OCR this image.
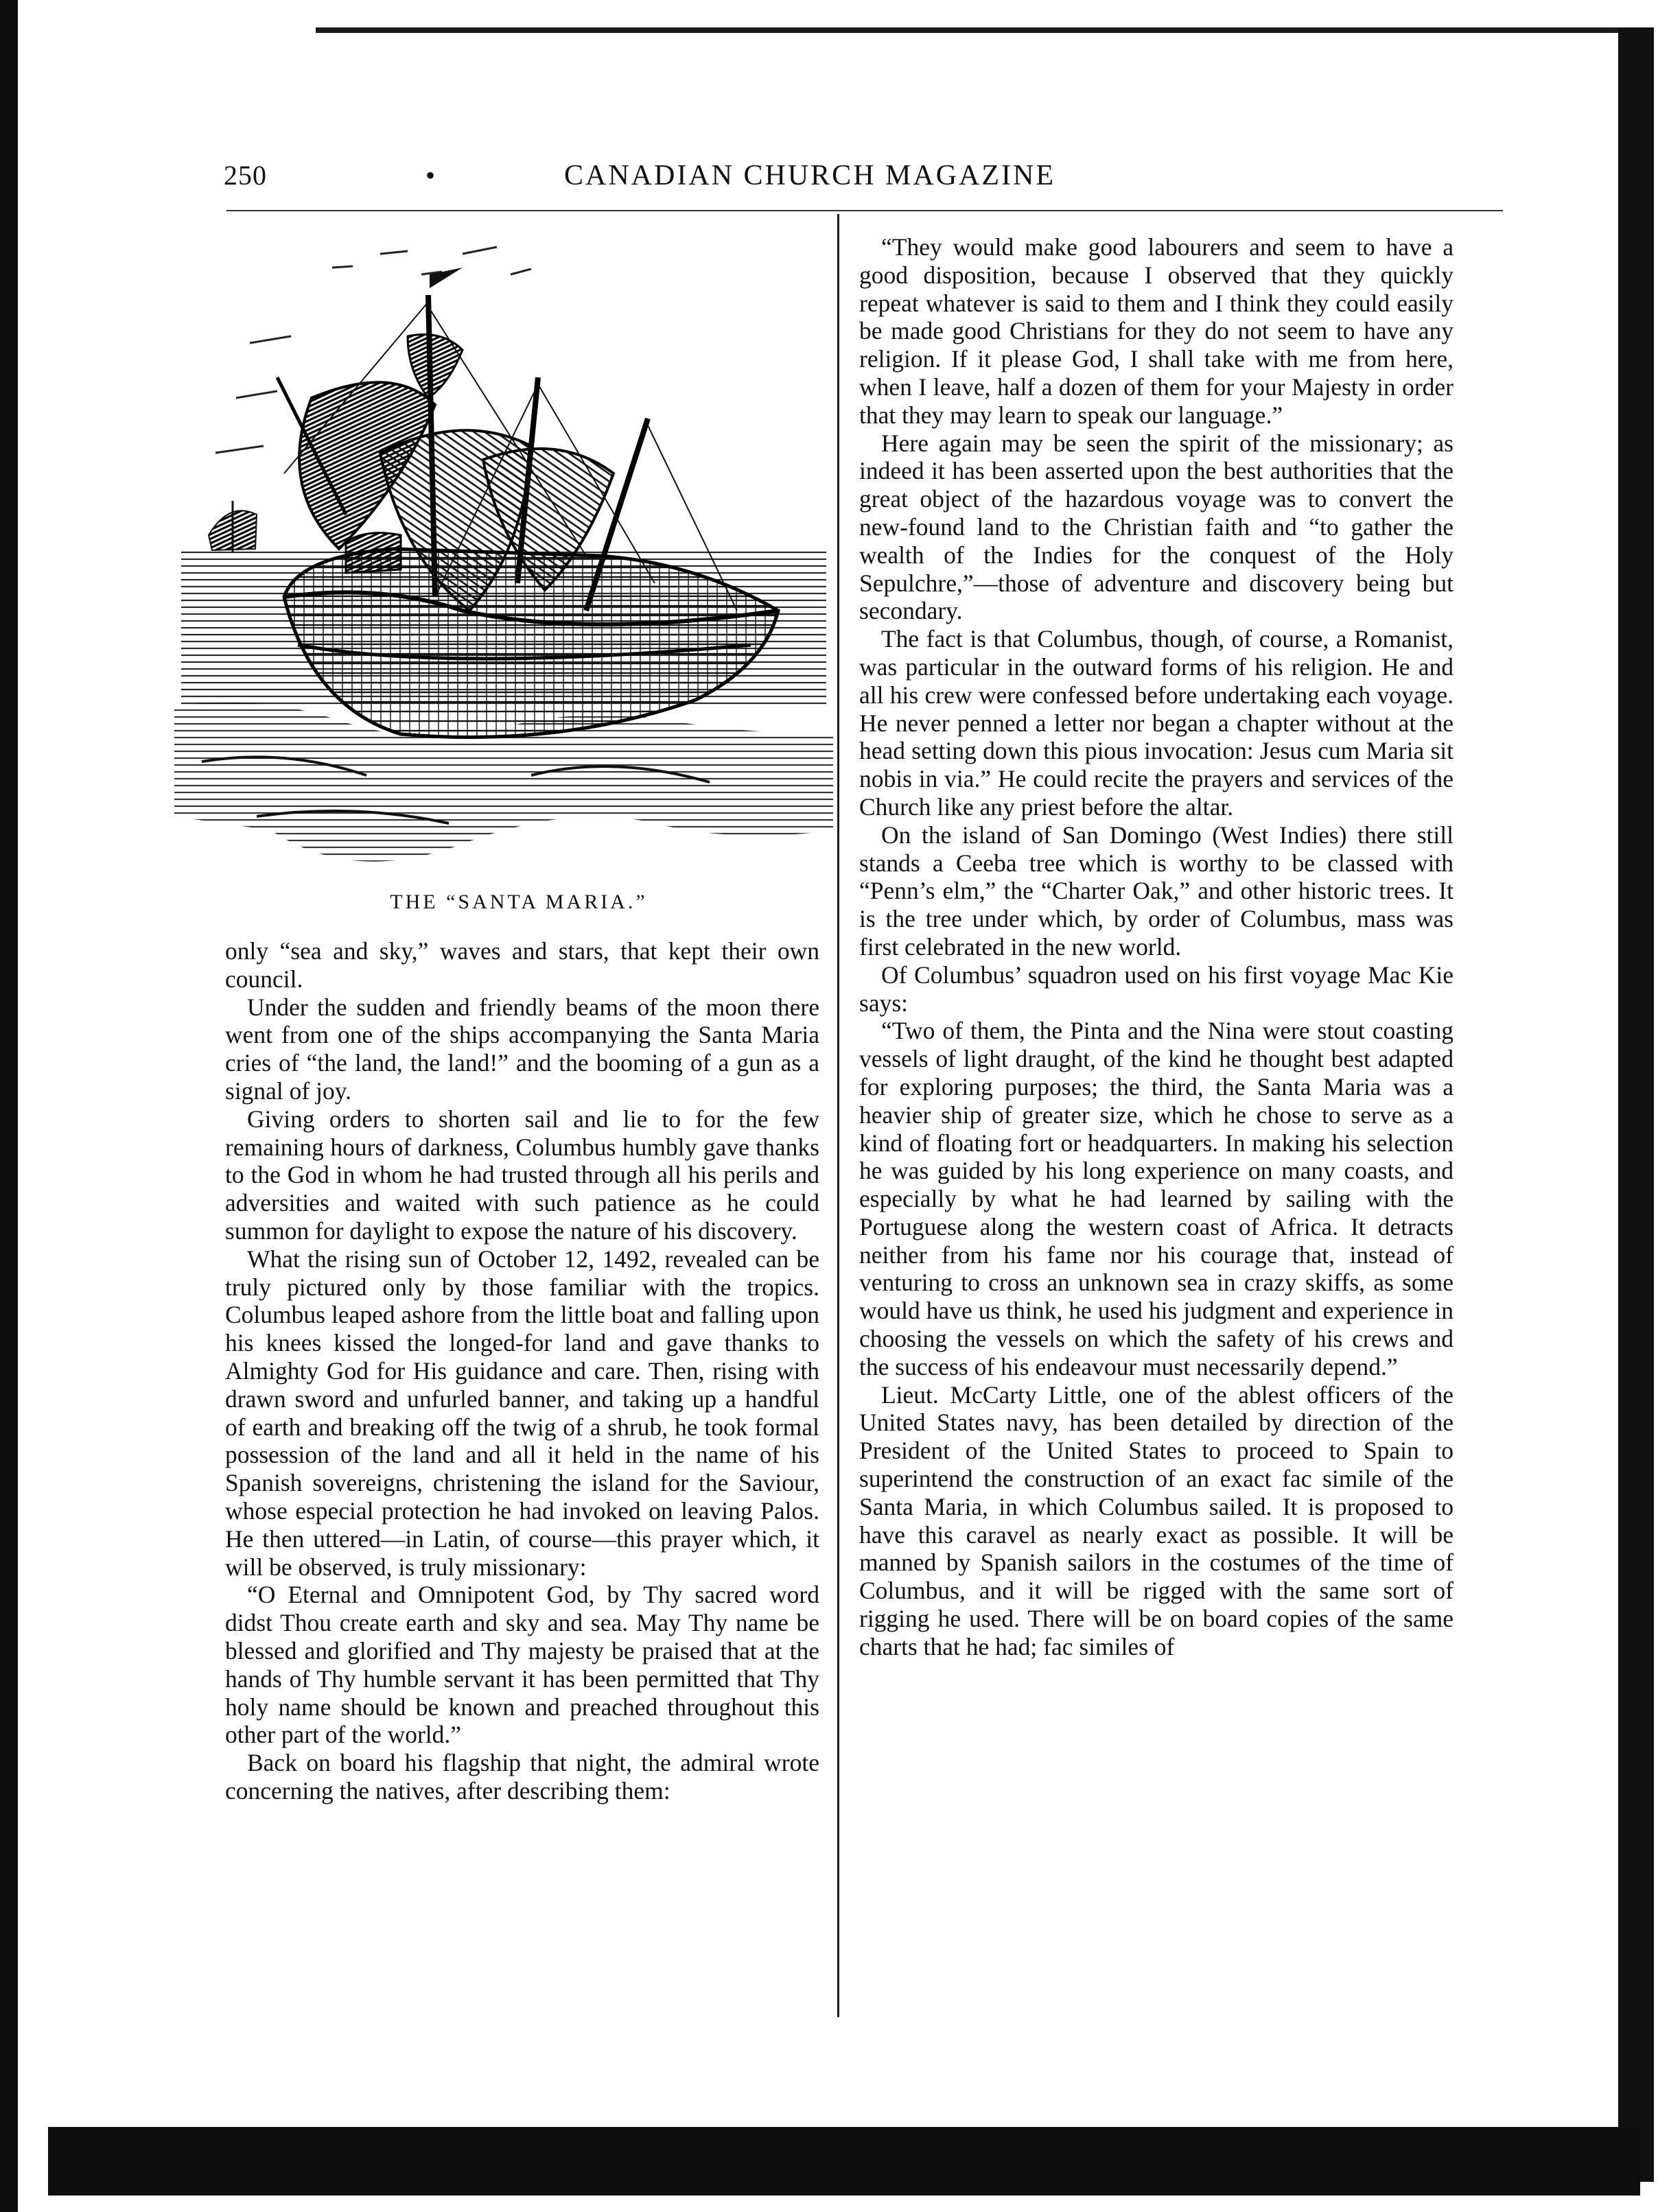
250	•	CANADIAN CHURCH MAGAZINE
THE “SANTA MARIA.”

only “sea and sky,” waves and stars, that kept their own council.

Under the sudden and friendly beams of the moon there went from one of the ships accompanying the Santa Maria cries of “the land, the land!” and the booming of a gun as a signal of joy.

Giving orders to shorten sail and lie to for the few remaining hours of darkness, Columbus humbly gave thanks to the God in whom he had trusted through all his perils and adversities and waited with such patience as he could summon for daylight to expose the nature of his discovery.

What the rising sun of October 12, 1492, revealed can be truly pictured only by those familiar with the tropics. Columbus leaped ashore from the little boat and falling upon his knees kissed the longed-for land and gave thanks to Almighty God for His guidance and care. Then, rising with drawn sword and unfurled banner, and taking up a handful of earth and breaking off the twig of a shrub, he took formal possession of the land and all it held in the name of his Spanish sovereigns, christening the island for the Saviour, whose especial protection he had invoked on leaving Palos. He then uttered—in Latin, of course—this prayer which, it will be observed, is truly missionary:

“O Eternal and Omnipotent God, by Thy sacred word didst Thou create earth and sky and sea. May Thy name be blessed and glorified and Thy majesty be praised that at the hands of Thy humble servant it has been permitted that Thy holy name should be known and preached throughout this other part of the world.”

Back on board his flagship that night, the admiral wrote concerning the natives, after describing them:

“They would make good labourers and seem to have a good disposition, because I observed that they quickly repeat whatever is said to them and I think they could easily be made good Christians for they do not seem to have any religion. If it please God, I shall take with me from here, when I leave, half a dozen of them for your Majesty in order that they may learn to speak our language.”

Here again may be seen the spirit of the missionary; as indeed it has been asserted upon the best authorities that the great object of the hazardous voyage was to convert the new-found land to the Christian faith and “to gather the wealth of the Indies for the conquest of the Holy Sepulchre,”—those of adventure and discovery being but secondary.

The fact is that Columbus, though, of course, a Romanist, was particular in the outward forms of his religion. He and all his crew were confessed before undertaking each voyage. He never penned a letter nor began a chapter without at the head setting down this pious invocation: Jesus cum Maria sit nobis in via.” He could recite the prayers and services of the Church like any priest before the altar.

On the island of San Domingo (West Indies) there still stands a Ceeba tree which is worthy to be classed with “Penn’s elm,” the “Charter Oak,” and other historic trees. It is the tree under which, by order of Columbus, mass was first celebrated in the new world.

Of Columbus’ squadron used on his first voyage Mac Kie says:

“Two of them, the Pinta and the Nina were stout coasting vessels of light draught, of the kind he thought best adapted for exploring purposes; the third, the Santa Maria was a heavier ship of greater size, which he chose to serve as a kind of floating fort or headquarters. In making his selection he was guided by his long experience on many coasts, and especially by what he had learned by sailing with the Portuguese along the western coast of Africa. It detracts neither from his fame nor his courage that, instead of venturing to cross an unknown sea in crazy skiffs, as some would have us think, he used his judgment and experience in choosing the vessels on which the safety of his crews and the success of his endeavour must necessarily depend.”

Lieut. McCarty Little, one of the ablest officers of the United States navy, has been detailed by direction of the President of the United States to proceed to Spain to superintend the construction of an exact fac simile of the Santa Maria, in which Columbus sailed. It is proposed to have this caravel as nearly exact as possible. It will be manned by Spanish sailors in the costumes of the time of Columbus, and it will be rigged with the same sort of rigging he used. There will be on board copies of the same charts that he had; fac similes of
